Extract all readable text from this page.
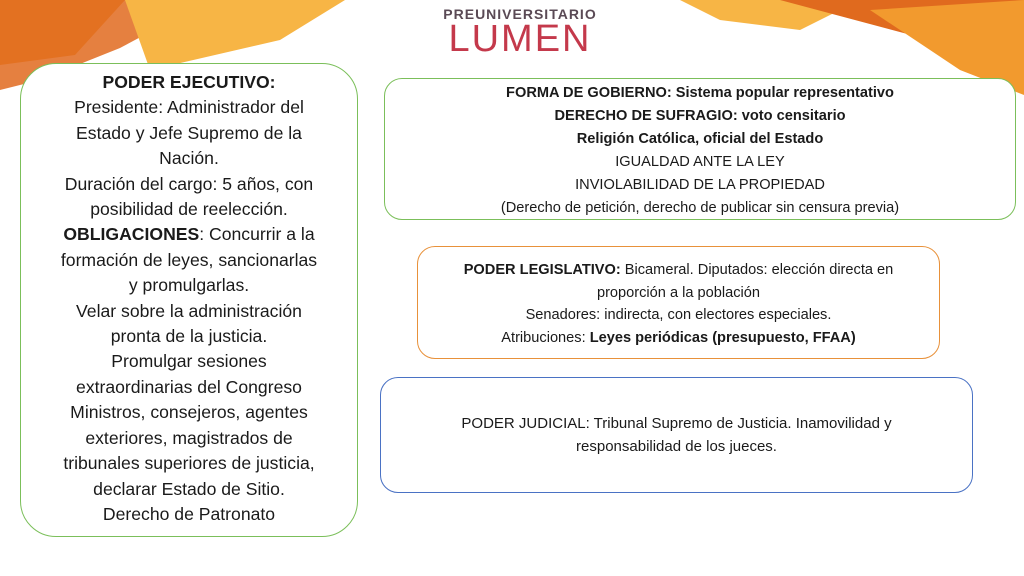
PREUNIVERSITARIO
LUMEN
PODER EJECUTIVO:
Presidente: Administrador del
Estado y Jefe Supremo de la
Nación.
Duración del cargo: 5 años, con
posibilidad de reelección.
OBLIGACIONES: Concurrir a la
formación de leyes, sancionarlas
y promulgarlas.
Velar sobre la administración
pronta de la justicia.
Promulgar sesiones
extraordinarias del Congreso
Ministros, consejeros, agentes
exteriores, magistrados de
tribunales superiores de justicia,
declarar Estado de Sitio.
Derecho de Patronato
FORMA DE GOBIERNO: Sistema popular representativo
DERECHO DE SUFRAGIO: voto censitario
Religión Católica, oficial del Estado
IGUALDAD ANTE LA LEY
INVIOLABILIDAD DE LA PROPIEDAD
(Derecho de petición, derecho de publicar sin censura previa)
PODER LEGISLATIVO: Bicameral. Diputados: elección directa en
proporción a la población
Senadores: indirecta, con electores especiales.
Atribuciones: Leyes periódicas (presupuesto, FFAA)
PODER JUDICIAL: Tribunal Supremo de Justicia. Inamovilidad y
responsabilidad de los jueces.
